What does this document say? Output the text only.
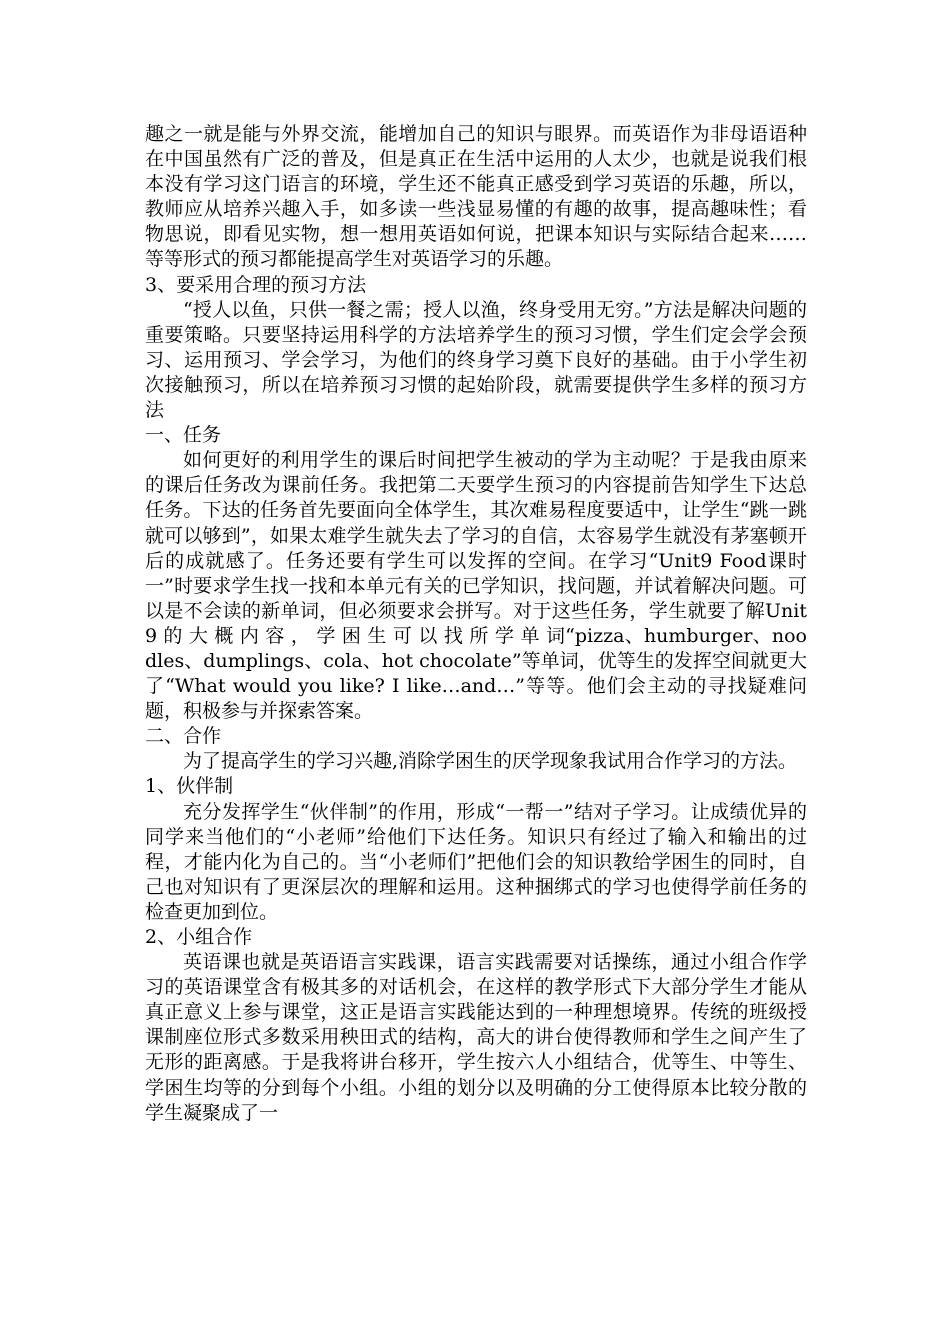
趣之一就是能与外界交流，能增加自己的知识与眼界。而英语作为非母语语种在中国虽然有广泛的普及，但是真正在生活中运用的人太少，也就是说我们根本没有学习这门语言的环境，学生还不能真正感受到学习英语的乐趣，所以，教师应从培养兴趣入手，如多读一些浅显易懂的有趣的故事，提高趣味性；看物思说，即看见实物，想一想用英语如何说，把课本知识与实际结合起来……等等形式的预习都能提高学生对英语学习的乐趣。

3、要采用合理的预习方法

“授人以鱼，只供一餐之需；授人以渔，终身受用无穷。”方法是解决问题的重要策略。只要坚持运用科学的方法培养学生的预习习惯，学生们定会学会预习、运用预习、学会学习，为他们的终身学习奠下良好的基础。由于小学生初次接触预习，所以在培养预习习惯的起始阶段，就需要提供学生多样的预习方法

一、任务

如何更好的利用学生的课后时间把学生被动的学为主动呢？于是我由原来的课后任务改为课前任务。我把第二天要学生预习的内容提前告知学生下达总任务。下达的任务首先要面向全体学生，其次难易程度要适中，让学生“跳一跳就可以够到”，如果太难学生就失去了学习的自信，太容易学生就没有茅塞顿开后的成就感了。任务还要有学生可以发挥的空间。在学习“Unit9 Food课时一”时要求学生找一找和本单元有关的已学知识，找问题，并试着解决问题。可以是不会读的新单词，但必须要求会拼写。对于这些任务，学生就要了解Unit9 的 大 概 内 容 ， 学 困 生 可 以 找 所 学 单 词“pizza、humburger、noodles、dumplings、cola、hot chocolate”等单词，优等生的发挥空间就更大了“What would you like? I like…and…”等等。他们会主动的寻找疑难问题，积极参与并探索答案。

二、合作

为了提高学生的学习兴趣,消除学困生的厌学现象我试用合作学习的方法。

1、伙伴制

充分发挥学生“伙伴制”的作用，形成“一帮一”结对子学习。让成绩优异的同学来当他们的“小老师”给他们下达任务。知识只有经过了输入和输出的过程，才能内化为自己的。当“小老师们”把他们会的知识教给学困生的同时，自己也对知识有了更深层次的理解和运用。这种捆绑式的学习也使得学前任务的检查更加到位。

2、小组合作

英语课也就是英语语言实践课，语言实践需要对话操练，通过小组合作学习的英语课堂含有极其多的对话机会，在这样的教学形式下大部分学生才能从真正意义上参与课堂，这正是语言实践能达到的一种理想境界。传统的班级授课制座位形式多数采用秧田式的结构，高大的讲台使得教师和学生之间产生了无形的距离感。于是我将讲台移开，学生按六人小组结合，优等生、中等生、学困生均等的分到每个小组。小组的划分以及明确的分工使得原本比较分散的学生凝聚成了一
